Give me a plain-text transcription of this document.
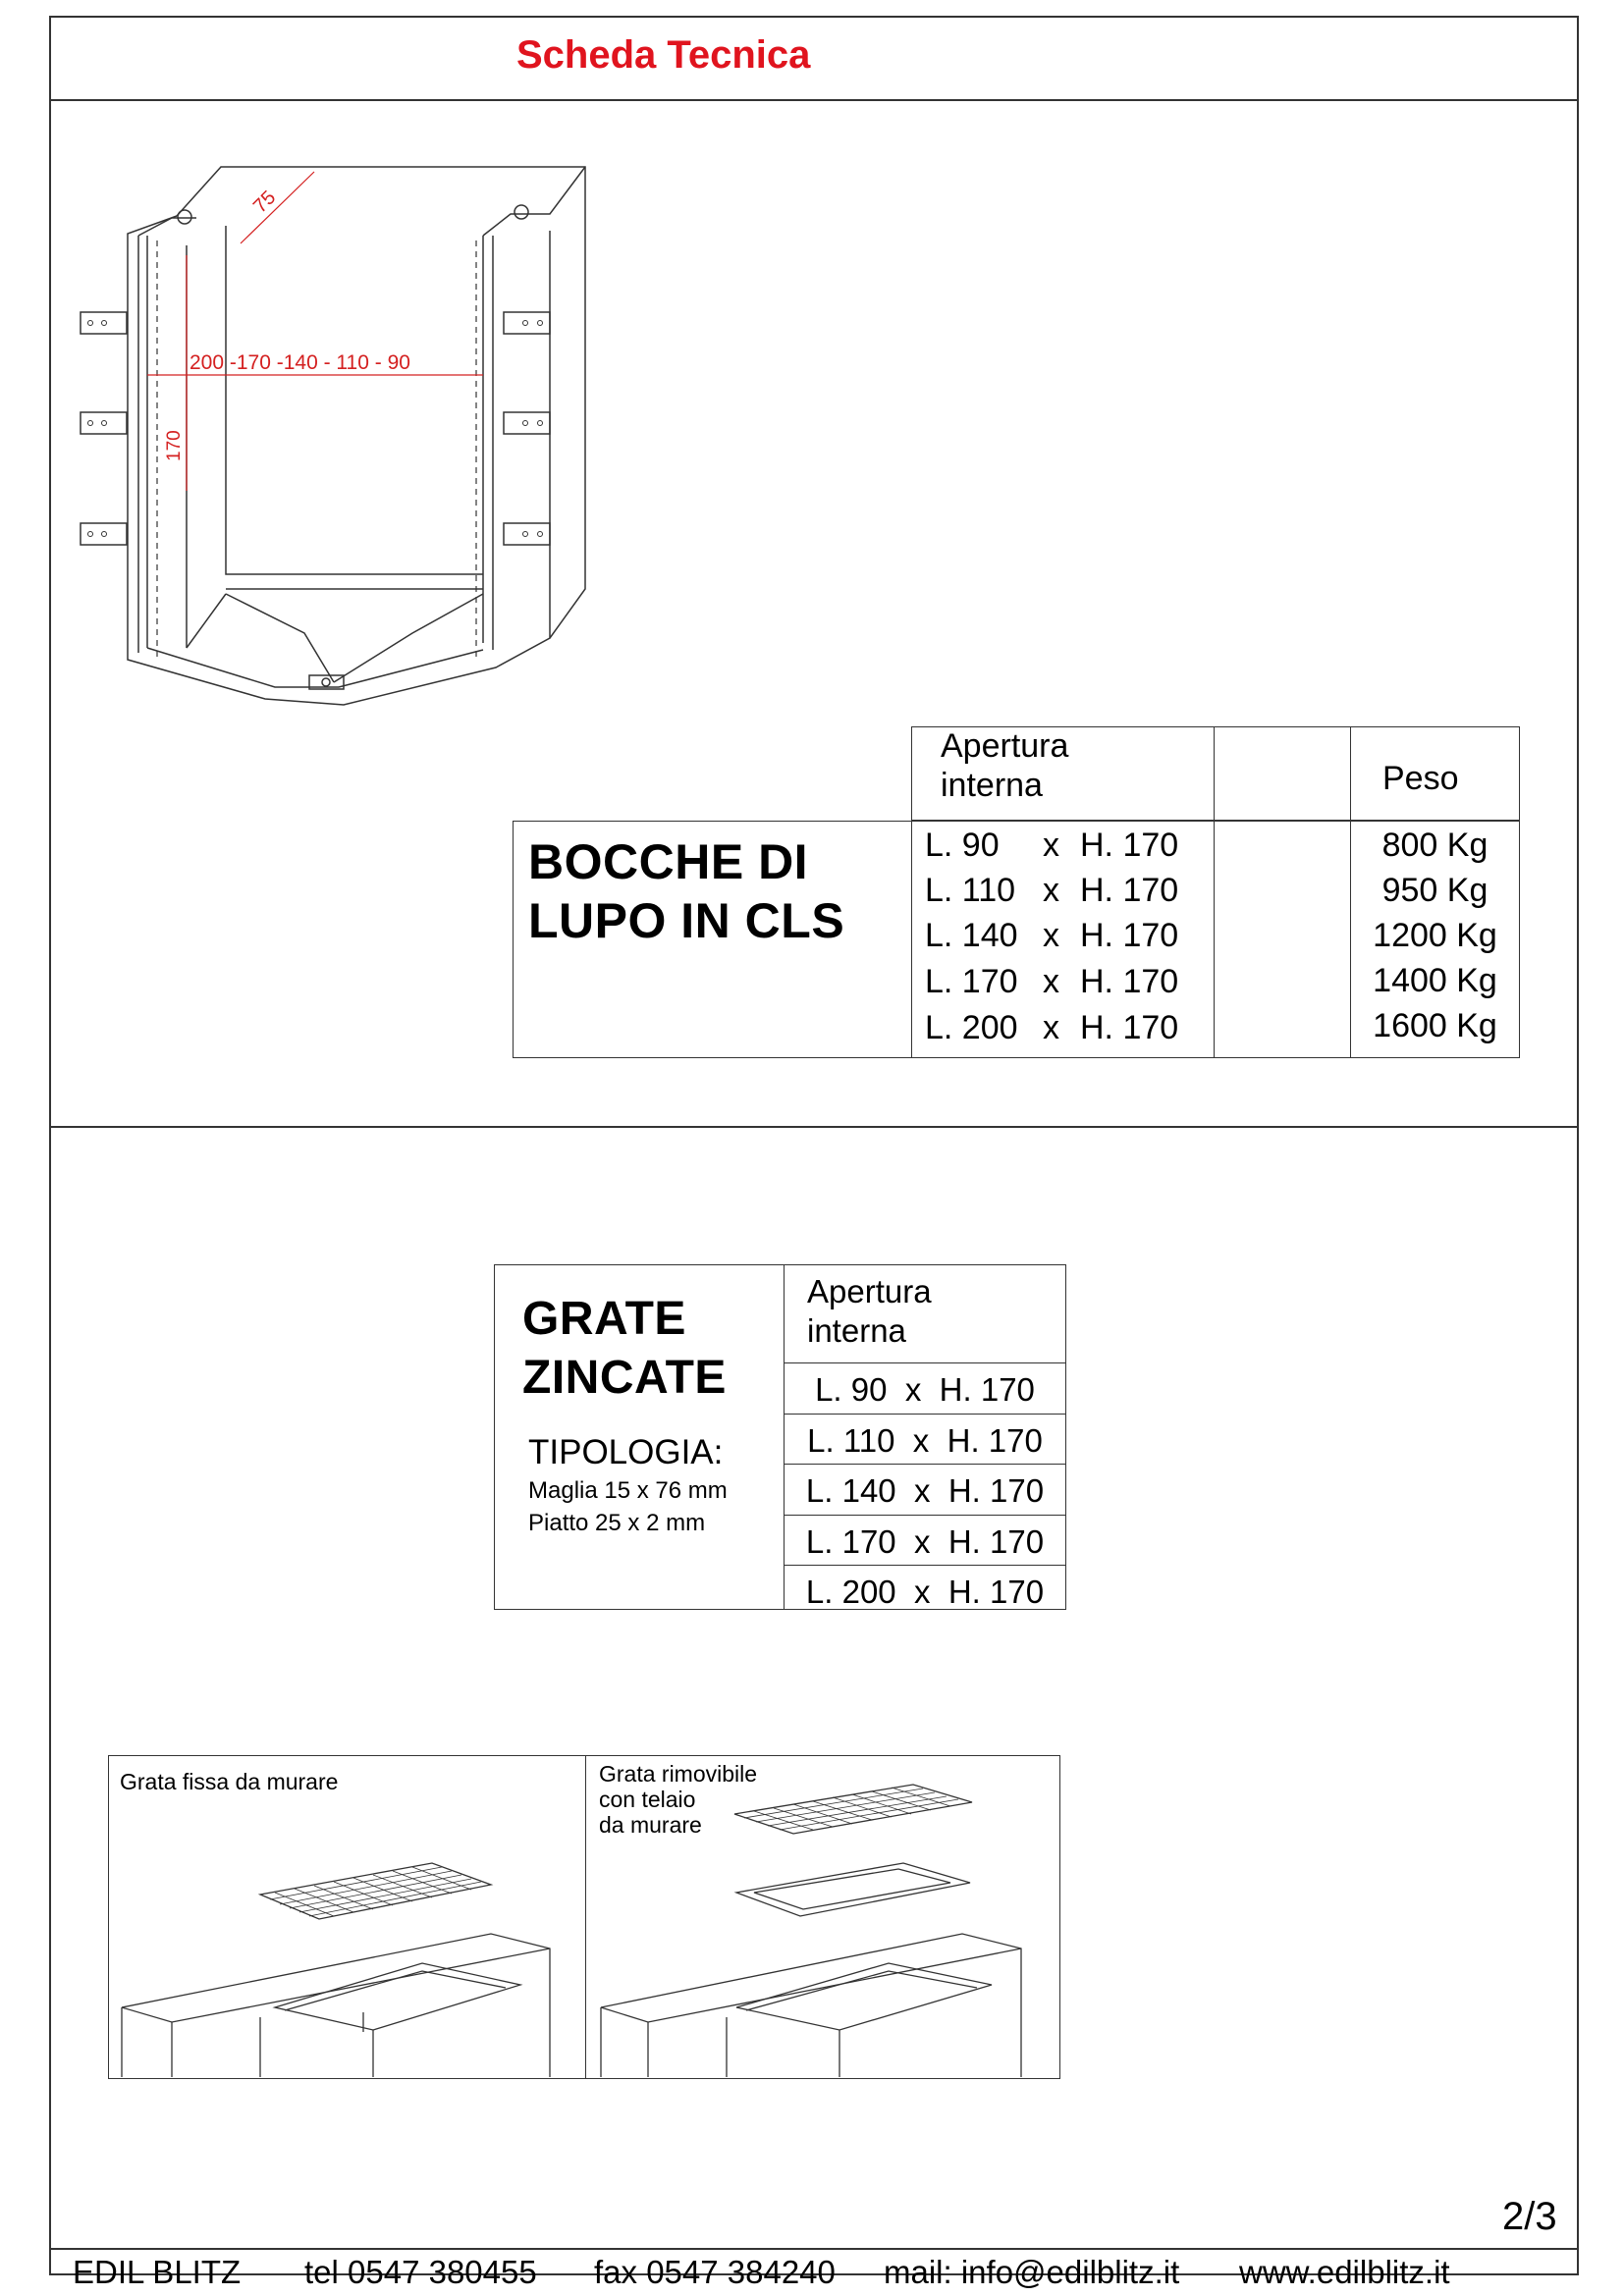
Scheda Tecnica
75
200 -170 -140 - 110 - 90
170
Apertura
interna	Peso
BOCCHE DI
LUPO IN CLS
L. 90 x H. 170
L. 110 x H. 170
L. 140 x H. 170
L. 170 x H. 170
L. 200 x H. 170
800 Kg
950 Kg
1200 Kg
1400 Kg
1600 Kg
GRATE
ZINCATE
TIPOLOGIA:
Maglia 15 x 76 mm
Piatto 25 x 2 mm
Apertura
interna
L. 90 x H. 170
L. 110 x H. 170
L. 140 x H. 170
L. 170 x H. 170
L. 200 x H. 170
Grata fissa da murare	Grata rimovibile
con telaio
da murare
2/3
EDIL BLITZ tel 0547 380455 fax 0547 384240 mail: info@edilblitz.it www.edilblitz.it
